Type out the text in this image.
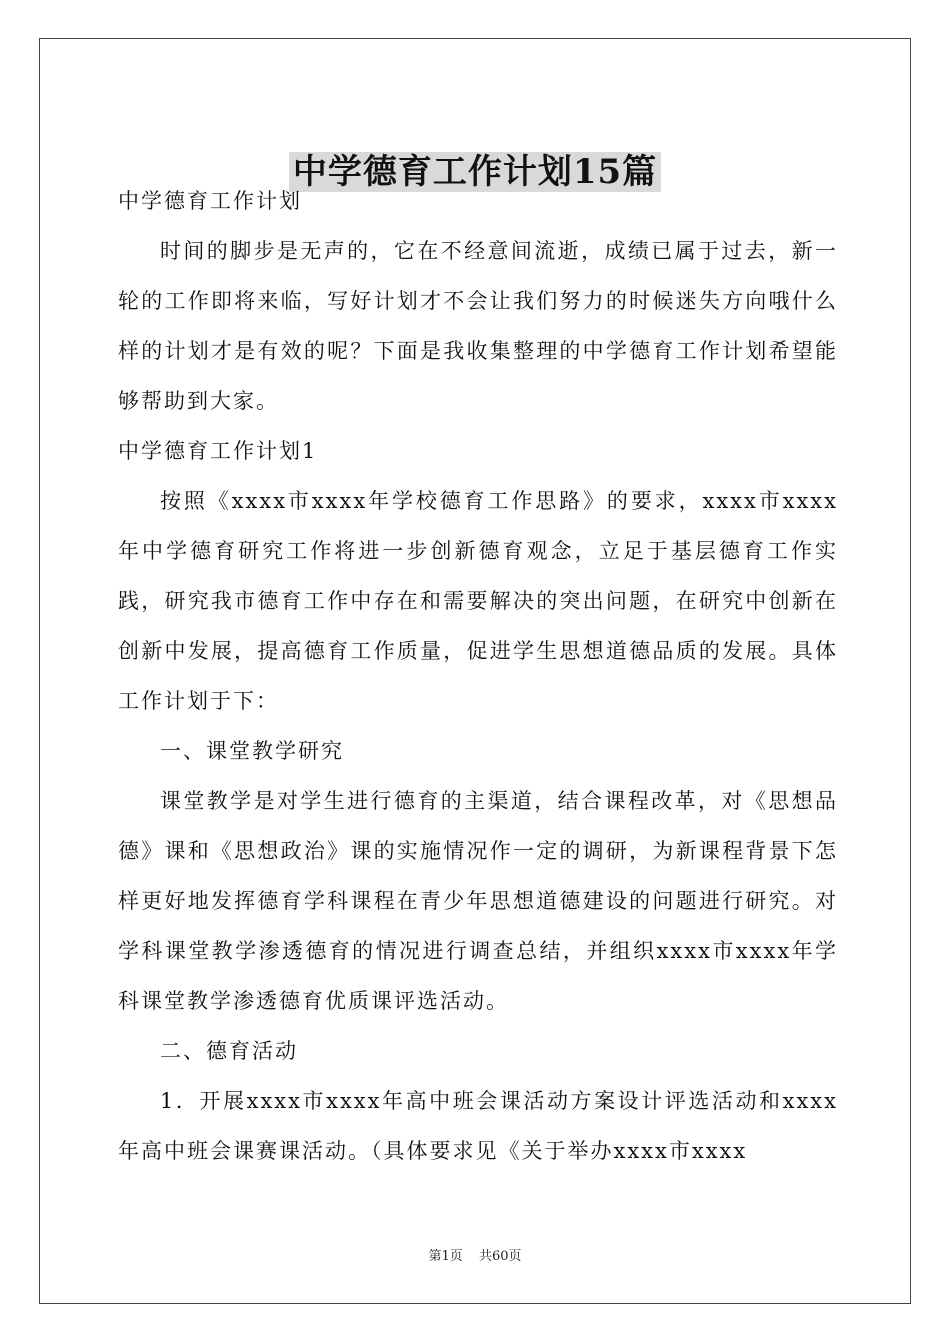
中学德育工作计划15篇

中学德育工作计划

时间的脚步是无声的，它在不经意间流逝，成绩已属于过去，新一轮的工作即将来临，写好计划才不会让我们努力的时候迷失方向哦什么样的计划才是有效的呢？下面是我收集整理的中学德育工作计划希望能够帮助到大家。

中学德育工作计划1

按照《xxxx市xxxx年学校德育工作思路》的要求，xxxx市xxxx年中学德育研究工作将进一步创新德育观念，立足于基层德育工作实践，研究我市德育工作中存在和需要解决的突出问题，在研究中创新在创新中发展，提高德育工作质量，促进学生思想道德品质的发展。具体工作计划于下：

一、课堂教学研究

课堂教学是对学生进行德育的主渠道，结合课程改革，对《思想品德》课和《思想政治》课的实施情况作一定的调研，为新课程背景下怎样更好地发挥德育学科课程在青少年思想道德建设的问题进行研究。对学科课堂教学渗透德育的情况进行调查总结，并组织xxxx市xxxx年学科课堂教学渗透德育优质课评选活动。

二、德育活动

1．开展xxxx市xxxx年高中班会课活动方案设计评选活动和xxxx年高中班会课赛课活动。（具体要求见《关于举办xxxx市xxxx

第1页 共60页
